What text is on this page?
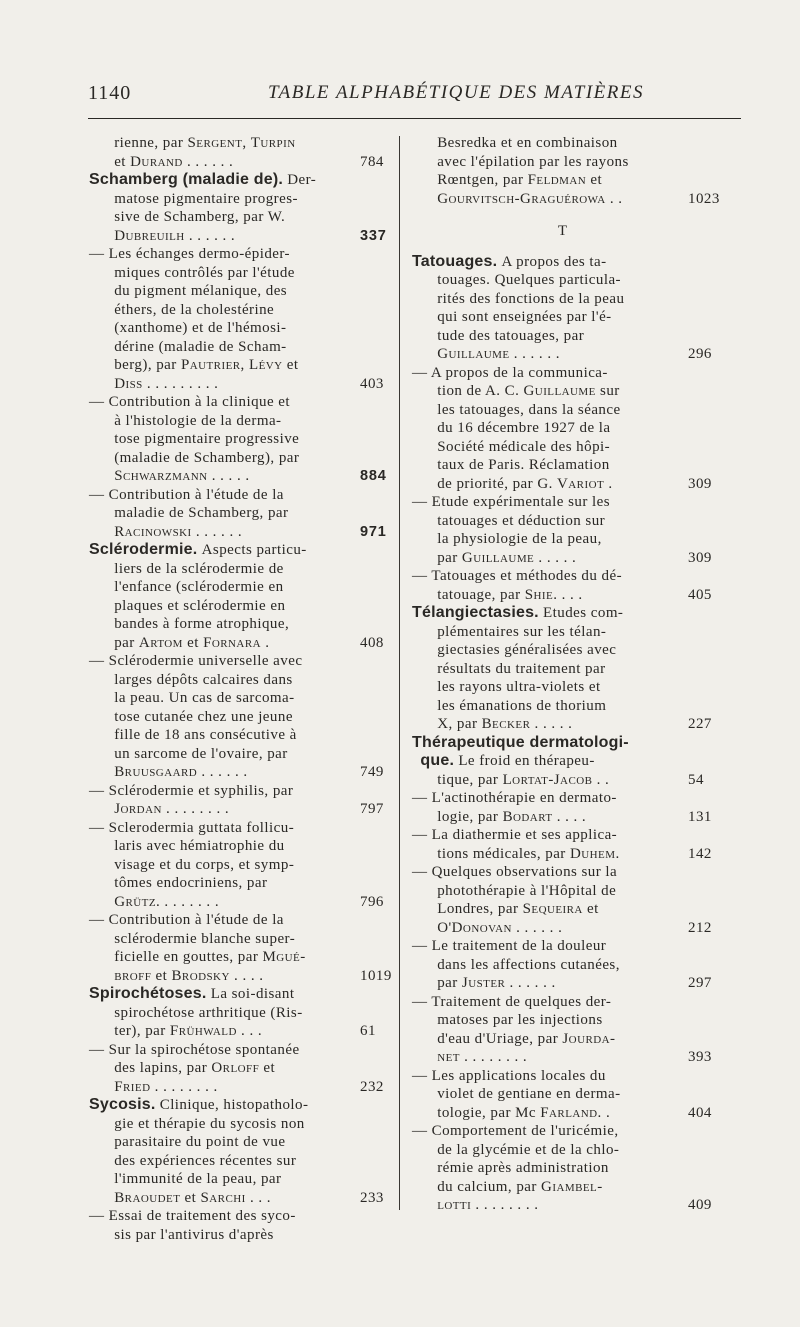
1140	TABLE ALPHABÉTIQUE DES MATIÈRES
rienne, par Sergent, Turpin
et Durand . . . . . .	784
Schamberg (maladie de). Der-
matose pigmentaire progres-
sive de Schamberg, par W.
Dubreuilh . . . . . .	337
— Les échanges dermo-épider-
miques contrôlés par l'étude
du pigment mélanique, des
éthers, de la cholestérine
(xanthome) et de l'hémosi-
dérine (maladie de Scham-
berg), par Pautrier, Lévy et
Diss . . . . . . . . .	403
— Contribution à la clinique et
à l'histologie de la derma-
tose pigmentaire progressive
(maladie de Schamberg), par
Schwarzmann . . . . .	884
— Contribution à l'étude de la
maladie de Schamberg, par
Racinowski . . . . . .	971
Sclérodermie. Aspects particu-
liers de la sclérodermie de
l'enfance (sclérodermie en
plaques et sclérodermie en
bandes à forme atrophique,
par Artom et Fornara .	408
— Sclérodermie universelle avec
larges dépôts calcaires dans
la peau. Un cas de sarcoma-
tose cutanée chez une jeune
fille de 18 ans consécutive à
un sarcome de l'ovaire, par
Bruusgaard . . . . . .	749
— Sclérodermie et syphilis, par
Jordan . . . . . . . .	797
— Sclerodermia guttata follicu-
laris avec hémiatrophie du
visage et du corps, et symp-
tômes endocriniens, par
Grütz. . . . . . . .	796
— Contribution à l'étude de la
sclérodermie blanche super-
ficielle en gouttes, par Mgué-
broff et Brodsky . . . .	1019
Spirochétoses. La soi-disant
spirochétose arthritique (Ris-
ter), par Frühwald . . .	61
— Sur la spirochétose spontanée
des lapins, par Orloff et
Fried . . . . . . . .	232
Sycosis. Clinique, histopatholo-
gie et thérapie du sycosis non
parasitaire du point de vue
des expériences récentes sur
l'immunité de la peau, par
Braoudet et Sarchi . . .	233
— Essai de traitement des syco-
sis par l'antivirus d'après
Besredka et en combinaison
avec l'épilation par les rayons
Rœntgen, par Feldman et
Gourvitsch-Graguérowa . .	1023
T
Tatouages. A propos des ta-
touages. Quelques particula-
rités des fonctions de la peau
qui sont enseignées par l'é-
tude des tatouages, par
Guillaume . . . . . .	296
— A propos de la communica-
tion de A. C. Guillaume sur
les tatouages, dans la séance
du 16 décembre 1927 de la
Société médicale des hôpi-
taux de Paris. Réclamation
de priorité, par G. Variot .	309
— Etude expérimentale sur les
tatouages et déduction sur
la physiologie de la peau,
par Guillaume . . . . .	309
— Tatouages et méthodes du dé-
tatouage, par Shie. . . .	405
Télangiectasies. Etudes com-
plémentaires sur les télan-
giectasies généralisées avec
résultats du traitement par
les rayons ultra-violets et
les émanations de thorium
X, par Becker . . . . .	227
Thérapeutique dermatologi-
que. Le froid en thérapeu-
tique, par Lortat-Jacob . .	54
— L'actinothérapie en dermato-
logie, par Bodart . . . .	131
— La diathermie et ses applica-
tions médicales, par Duhem.	142
— Quelques observations sur la
photothérapie à l'Hôpital de
Londres, par Sequeira et
O'Donovan . . . . . .	212
— Le traitement de la douleur
dans les affections cutanées,
par Juster . . . . . .	297
— Traitement de quelques der-
matoses par les injections
d'eau d'Uriage, par Jourda-
net . . . . . . . .	393
— Les applications locales du
violet de gentiane en derma-
tologie, par Mc Farland. .	404
— Comportement de l'uricémie,
de la glycémie et de la chlo-
rémie après administration
du calcium, par Giambel-
lotti . . . . . . . .	409
